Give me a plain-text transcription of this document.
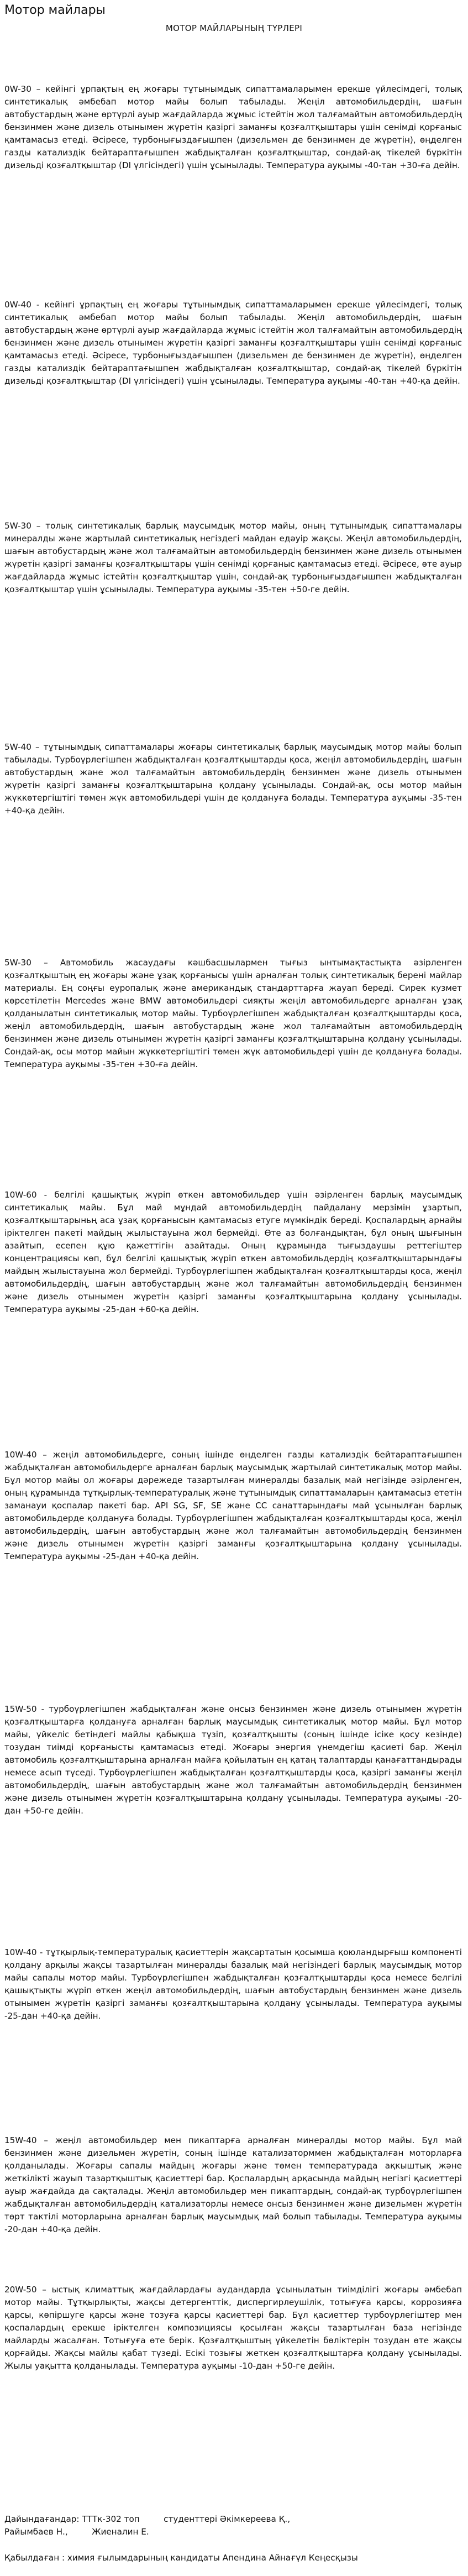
Мотор майлары
МОТОР МАЙЛАРЫНЫҢ ТҮРЛЕРІ

0W-30 – кейінгі ұрпақтың ең жоғары тұтынымдық сипаттамаларымен ерекше үйлесімдегі, толық синтетикалық әмбебап мотор майы болып табылады. Жеңіл автомобильдердің, шағын автобустардың және өртүрлі ауыр жағдайларда жұмыс істейтін жол талғамайтын автомобильдердің бензинмен және дизель отынымен жүретін қазіргі заманғы қозғалтқыштары үшін сенімді қорғаныс қамтамасыз етеді. Әсіресе, турбонығыздағышпен (дизельмен де бензинмен де жүретін), өңделген газды катализдік бейтараптағышпен жабдықталған қозғалтқыштар, сондай-ақ тікелей бүркітін дизельді қозғалтқыштар (DI үлгісіндегі) үшін ұсынылады. Температура ауқымы -40-тан +30-ға дейін.

0W-40 - кейінгі ұрпақтың ең жоғары тұтынымдық сипаттамаларымен ерекше үйлесімдегі, толық синтетикалық әмбебап мотор майы болып табылады. Жеңіл автомобильдердің, шағын автобустардың және өртүрлі ауыр жағдайларда жұмыс істейтін жол талғамайтын автомобильдердің бензинмен және дизель отынымен жүретін қазіргі заманғы қозғалтқыштары үшін сенімді қорғаныс қамтамасыз етеді. Әсіресе, турбонығыздағышпен (дизельмен де бензинмен де жүретін), өңделген газды катализдік бейтараптағышпен жабдықталған қозғалтқыштар, сондай-ақ тікелей бүркітін дизельді қозғалтқыштар (DI үлгісіндегі) үшін ұсынылады. Температура ауқымы -40-тан +40-қа дейін.

5W-30 – толық синтетикалық барлық маусымдық мотор майы, оның тұтынымдық сипаттамалары минералды және жартылай синтетикалық негіздегі майдан едәуір жақсы. Жеңіл автомобильдердің, шағын автобустардың және жол талғамайтын автомобильдердің бензинмен және дизель отынымен жүретін қазіргі заманғы қозғалтқыштары үшін сенімді қорғаныс қамтамасыз етеді. Әсіресе, өте ауыр жағдайларда жұмыс істейтін қозғалтқыштар үшін, сондай-ақ турбонығыздағышпен жабдықталған қозғалтқыштар үшін ұсынылады. Температура ауқымы -35-тен +50-ге дейін.

5W-40 – тұтынымдық сипаттамалары жоғары синтетикалық барлық маусымдық мотор майы болып табылады. Турбоүрлегішпен жабдықталған қозғалтқыштарды қоса, жеңіл автомобильдердің, шағын автобустардың және жол талғамайтын автомобильдердің бензинмен және дизель отынымен жүретін қазіргі заманғы қозғалтқыштарына қолдану ұсынылады. Сондай-ақ, осы мотор майын жүккөтергіштігі төмен жүк автомобильдері үшін де қолдануға болады. Температура ауқымы -35-тен +40-қа дейін.

5W-30 – Автомобиль жасаудағы кәшбасшылармен тығыз ынтымақтастықта әзірленген қозғалтқыштың ең жоғары және ұзақ қорғанысы үшін арналған толық синтетикалық берені майлар материалы. Ең соңғы еуропалық және американдық стандарттарға жауап береді. Сирек кузмет көрсетілетін Mercedes және BMW автомобильдері сияқты жеңіл автомобильдерге арналған ұзақ қолданылатын синтетикалық мотор майы. Турбоүрлегішпен жабдықталған қозғалтқыштарды қоса, жеңіл автомобильдердің, шағын автобустардың және жол талғамайтын автомобильдердің бензинмен және дизель отынымен жүретін қазіргі заманғы қозғалтқыштарына қолдану ұсынылады. Сондай-ақ, осы мотор майын жүккөтергіштігі төмен жүк автомобильдері үшін де қолдануға болады. Температура ауқымы -35-тен +30-ға дейін.

10W-60 - белгілі қашықтық жүріп өткен автомобильдер үшін әзірленген барлық маусымдық синтетикалық майы. Бұл май мұндай автомобильдердің пайдалану мерзімін ұзартып, қозғалтқыштарыньң аса ұзақ қорғанысын қамтамасыз етуге мүмкіндік береді. Қоспалардың арнайы іріктелген пакеті майдың жылыстауына жол бермейді. Өте аз болғандықтан, бұл оның шығынын азайтып, есепен құю қажеттігін азайтады. Оның құрамында тығыздаушы реттегіштер концентрациясы көп, бұл белгілі қашықтық жүріп өткен автомобильдердің қозғалтқыштарындағы майдың жылыстауына жол бермейді. Турбоүрлегішпен жабдықталған қозғалтқыштарды қоса, жеңіл автомобильдердің, шағын автобустардың және жол талғамайтын автомобильдердің бензинмен және дизель отынымен жүретін қазіргі заманғы қозғалтқыштарына қолдану ұсынылады. Температура ауқымы -25-дан +60-қа дейін.

10W-40 – жеңіл автомобильдерге, соның ішінде өңделген газды катализдік бейтараптағышпен жабдықталған автомобильдерге арналған барлық маусымдық жартылай синтетикалық мотор майы. Бұл мотор майы ол жоғары дәрежеде тазартылған минералды базалық май негізінде әзірленген, оның құрамында тұтқырлық-температуралық және тұтынымдық сипаттамаларын қамтамасыз ететін заманауи қоспалар пакеті бар. API SG, SF, SE және CC санаттарындағы май ұсынылған барлық автомобильдерде қолдануға болады. Турбоүрлегішпен жабдықталған қозғалтқыштарды қоса, жеңіл автомобильдердің, шағын автобустардың және жол талғамайтын автомобильдердің бензинмен және дизель отынымен жүретін қазіргі заманғы қозғалтқыштарына қолдану ұсынылады. Температура ауқымы -25-дан +40-қа дейін.

15W-50 - турбоүрлегішпен жабдықталған және онсыз бензинмен және дизель отынымен жүретін қозғалтқыштарға қолдануға арналған барлық маусымдық синтетикалық мотор майы. Бұл мотор майы, үйкеліс бетіндегі майлы қабықша түзіп, қозғалтқышты (соның ішінде ісіке қосу кезінде) тозудан тиімді қорғанысты қамтамасыз етеді. Жоғары энергия үнемдегіш қасиеті бар. Жеңіл автомобиль қозғалтқыштарына арналған майға қойылатын ең қатаң талаптарды қанағаттандырады немесе асып түседі. Турбоүрлегішпен жабдықталған қозғалтқыштарды қоса, қазіргі заманғы жеңіл автомобильдердің, шағын автобустардың және жол талғамайтын автомобильдердің бензинмен және дизель отынымен жүретін қозғалтқыштарына қолдану ұсынылады. Температура ауқымы -20-дан +50-ге дейін.

10W-40 - тұтқырлық-температуралық қасиеттерін жақсартатын қосымша қоюландырғыш компоненті қолдану арқылы жақсы тазартылған минералды базалық май негізіндегі барлық маусымдық мотор майы сапалы мотор майы. Турбоүрлегішпен жабдықталған қозғалтқыштарды қоса немесе белгілі қашықтықты жүріп өткен жеңіл автомобильдердің, шағын автобустардың бензинмен және дизель отынымен жүретін қазіргі заманғы қозғалтқыштарына қолдану ұсынылады. Температура ауқымы -25-дан +40-қа дейін.

15W-40 – жеңіл автомобильдер мен пикаптарға арналған минералды мотор майы. Бұл май бензинмен және дизельмен жүретін, соның ішінде катализаторммен жабдықталған моторларға қолданылады. Жоғары сапалы майдың жоғары және төмен температурада ақкыштық және жеткілікті жауып тазартқыштық қасиеттері бар. Қоспалардың арқасында майдың негізгі қасиеттері ауыр жағдайда да сақталады. Жеңіл автомобильдер мен пикаптардың, сондай-ақ турбоүрлегішпен жабдықталған автомобильдердің катализаторлы немесе онсыз бензинмен және дизельмен жүретін төрт тактілі моторларына арналған барлық маусымдық май болып табылады. Температура ауқымы -20-дан +40-қа дейін.

20W-50 – ыстық климаттық жағдайлардағы аудандарда ұсынылатын тиімділігі жоғары әмбебап мотор майы. Тұтқырлықты, жақсы детергенттік, диспергирлеушілік, тотығуға қарсы, коррозияға қарсы, көпіршуге қарсы және тозуға қарсы қасиеттері бар. Бұл қасиеттер турбоүрлегіштер мен қоспалардың ерекше іріктелген композициясы қосылған жақсы тазартылған база негізінде майларды жасалған. Тотығуға өте берік. Қозғалтқыштың үйкелетін бөліктерін тозудан өте жақсы қорғайды. Жақсы майлы қабат түзеді. Есікі тозығы жеткен қозғалтқыштарға қолдану ұсынылады. Жылы уақытта қолданылады. Температура ауқымы -10-дан +50-ге дейін.

Дайындағандар: ТТТк-302 топ         студенттері Әкімкереева Қ.,
Райымбаев Н.,         Жиеналин Е.

Қабылдаған : химия ғылымдарының кандидаты Апендина Айнағүл Кеңесқызы
